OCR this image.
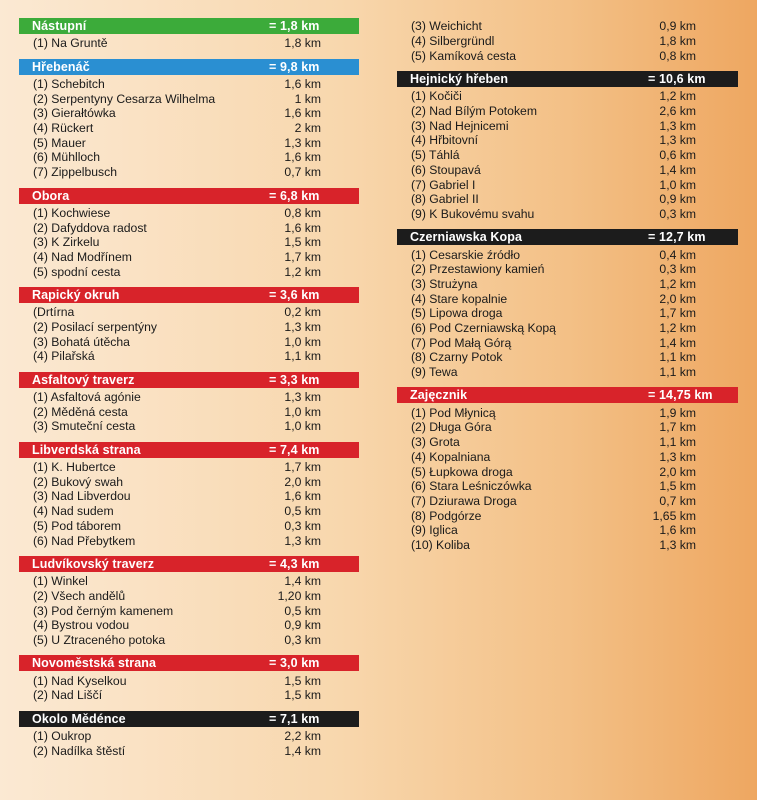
Nástupní	= 1,8 km
(1) Na Gruntě	1,8 km
Hřebenáč	= 9,8 km
(1) Schebitch	1,6 km
(2) Serpentyny Cesarza Wilhelma	1 km
(3) Gierałtówka	1,6 km
(4) Rückert	2 km
(5) Mauer	1,3 km
(6) Mühlloch	1,6 km
(7) Zippelbusch	0,7 km
Obora	= 6,8 km
(1) Kochwiese	0,8 km
(2) Dafyddova radost	1,6 km
(3) K Zirkelu	1,5 km
(4) Nad Modřínem	1,7 km
(5) spodní cesta	1,2 km
Rapický okruh	= 3,6 km
(Drtírna	0,2 km
(2) Posilací serpentýny	1,3 km
(3) Bohatá útěcha	1,0 km
(4) Pilařská	1,1 km
Asfaltový traverz	= 3,3 km
(1) Asfaltová agónie	1,3 km
(2) Měděná cesta	1,0 km
(3) Smuteční cesta	1,0 km
Libverdská strana	= 7,4 km
(1) K. Hubertce	1,7 km
(2) Bukový swah	2,0 km
(3) Nad Libverdou	1,6 km
(4) Nad sudem	0,5 km
(5) Pod táborem	0,3 km
(6) Nad Přebytkem	1,3 km
Ludvíkovský traverz	= 4,3 km
(1) Winkel	1,4 km
(2) Všech andělů	1,20 km
(3) Pod černým kamenem	0,5 km
(4) Bystrou vodou	0,9 km
(5) U Ztraceného potoka	0,3 km
Novoměstská strana	= 3,0 km
(1) Nad Kyselkou	1,5 km
(2) Nad Liščí	1,5 km
Okolo Mědénce	= 7,1 km
(1) Oukrop	2,2 km
(2) Nadílka štěstí	1,4 km
(3) Weichicht	0,9 km
(4) Silbergründl	1,8 km
(5) Kamíková cesta	0,8 km
Hejnický hřeben	= 10,6 km
(1) Kočiči	1,2 km
(2) Nad Bílým Potokem	2,6 km
(3) Nad Hejnicemi	1,3 km
(4) Hřbitovní	1,3 km
(5) Táhlá	0,6 km
(6) Stoupavá	1,4 km
(7) Gabriel I	1,0 km
(8) Gabriel II	0,9 km
(9) K Bukovému svahu	0,3 km
Czerniawska Kopa	= 12,7 km
(1) Cesarskie źródło	0,4 km
(2) Przestawiony kamień	0,3 km
(3) Strużyna	1,2 km
(4) Stare kopalnie	2,0 km
(5) Lipowa droga	1,7 km
(6) Pod Czerniawską Kopą	1,2 km
(7) Pod Małą Górą	1,4 km
(8) Czarny Potok	1,1 km
(9) Tewa	1,1 km
Zajęcznik	= 14,75 km
(1) Pod Młynicą	1,9 km
(2) Długa Góra	1,7 km
(3) Grota	1,1 km
(4) Kopalniana	1,3 km
(5) Łupkowa droga	2,0 km
(6) Stara Leśniczówka	1,5 km
(7) Dziurawa Droga	0,7 km
(8) Podgórze	1,65 km
(9) Iglica	1,6 km
(10) Koliba	1,3 km
